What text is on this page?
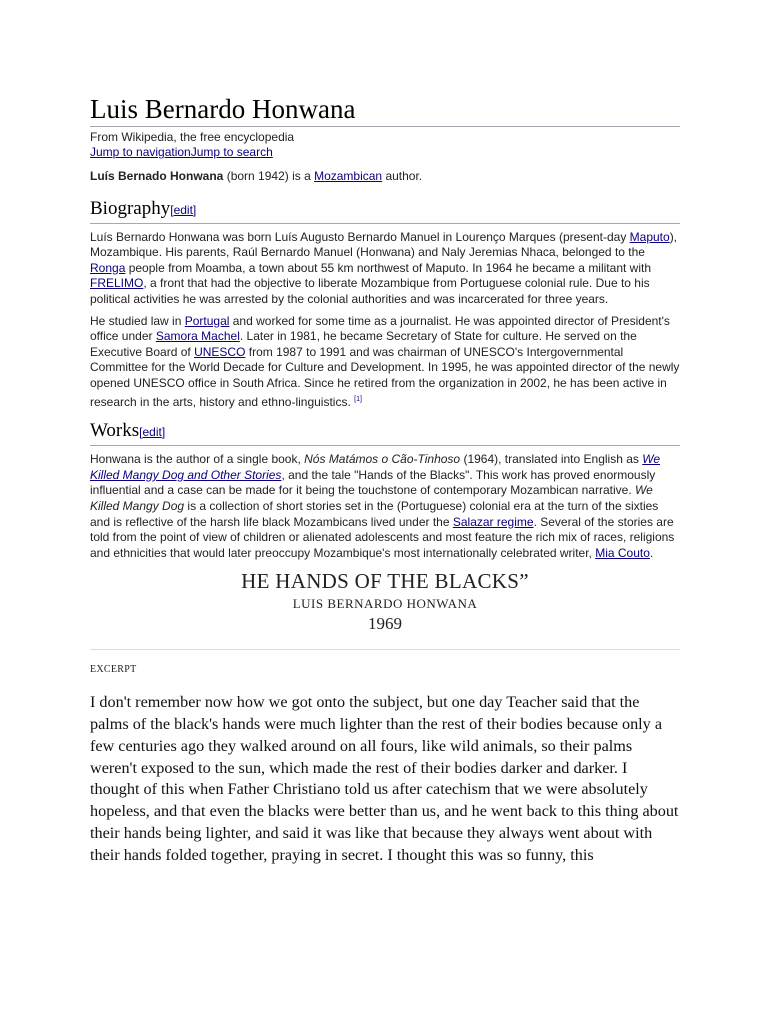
Luis Bernardo Honwana
From Wikipedia, the free encyclopedia
Jump to navigationJump to search

Luís Bernado Honwana (born 1942) is a Mozambican author.

Biography[edit]

Luís Bernardo Honwana was born Luís Augusto Bernardo Manuel in Lourenço Marques (present-day Maputo), Mozambique. His parents, Raúl Bernardo Manuel (Honwana) and Naly Jeremias Nhaca, belonged to the Ronga people from Moamba, a town about 55 km northwest of Maputo. In 1964 he became a militant with FRELIMO, a front that had the objective to liberate Mozambique from Portuguese colonial rule. Due to his political activities he was arrested by the colonial authorities and was incarcerated for three years.

He studied law in Portugal and worked for some time as a journalist. He was appointed director of President's office under Samora Machel. Later in 1981, he became Secretary of State for culture. He served on the Executive Board of UNESCO from 1987 to 1991 and was chairman of UNESCO's Intergovernmental Committee for the World Decade for Culture and Development. In 1995, he was appointed director of the newly opened UNESCO office in South Africa. Since he retired from the organization in 2002, he has been active in research in the arts, history and ethno-linguistics. [1]

Works[edit]

Honwana is the author of a single book, Nós Matámos o Cão-Tinhoso (1964), translated into English as We Killed Mangy Dog and Other Stories, and the tale "Hands of the Blacks". This work has proved enormously influential and a case can be made for it being the touchstone of contemporary Mozambican narrative. We Killed Mangy Dog is a collection of short stories set in the (Portuguese) colonial era at the turn of the sixties and is reflective of the harsh life black Mozambicans lived under the Salazar regime. Several of the stories are told from the point of view of children or alienated adolescents and most feature the rich mix of races, religions and ethnicities that would later preoccupy Mozambique's most internationally celebrated writer, Mia Couto.

HE HANDS OF THE BLACKS”
LUIS BERNARDO HONWANA
1969
EXCERPT
I don't remember now how we got onto the subject, but one day Teacher said that the palms of the black's hands were much lighter than the rest of their bodies because only a few centuries ago they walked around on all fours, like wild animals, so their palms weren't exposed to the sun, which made the rest of their bodies darker and darker. I thought of this when Father Christiano told us after catechism that we were absolutely hopeless, and that even the blacks were better than us, and he went back to this thing about their hands being lighter, and said it was like that because they always went about with their hands folded together, praying in secret. I thought this was so funny, this
